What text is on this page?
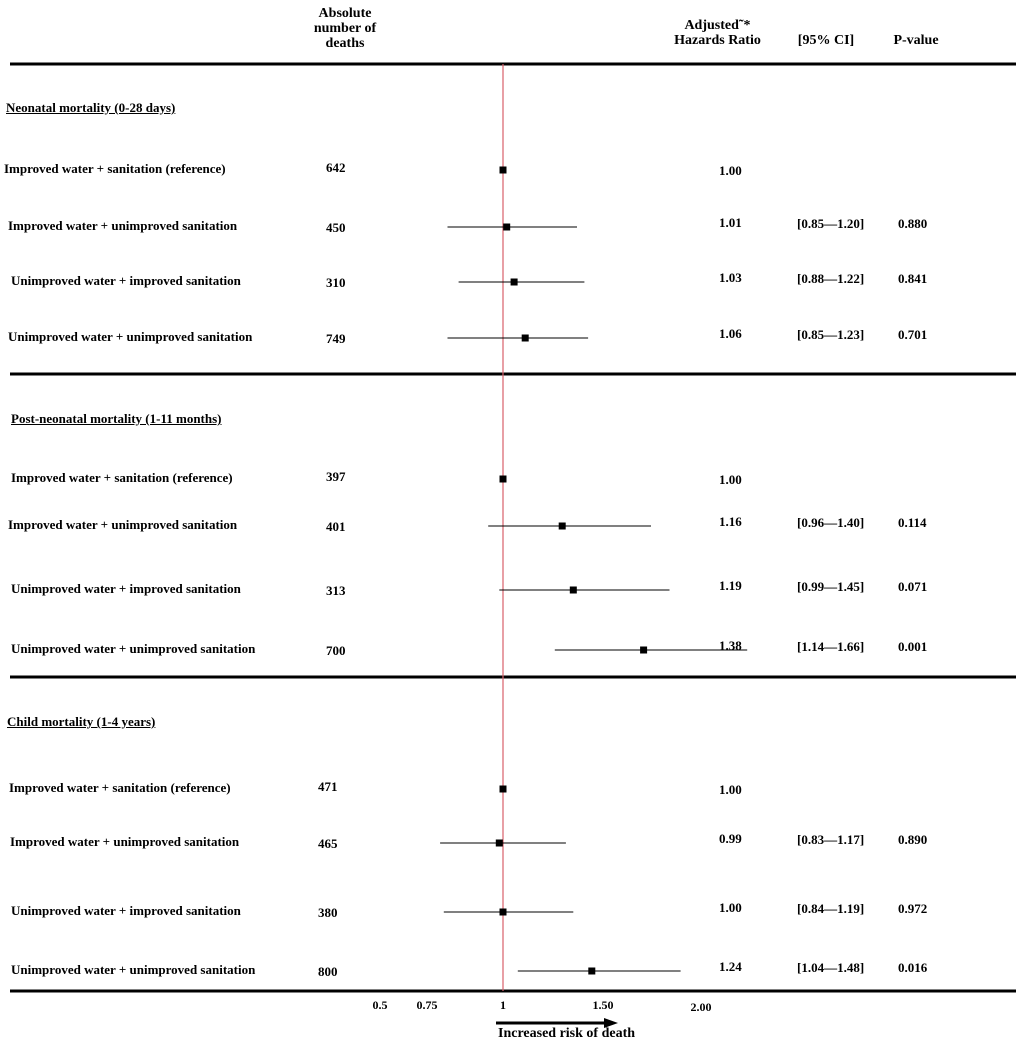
Absolute
number of
deaths
Adjusted˜*
Hazards Ratio	[95% CI]	P-value
Increased risk of death
Neonatal mortality (0-28 days)
Improved water + sanitation (reference)	642	1.00
Improved water + unimproved sanitation	450	1.01	[0.85—1.20]	0.880
Unimproved water + improved sanitation	310	1.03	[0.88—1.22]	0.841
Unimproved water + unimproved sanitation	749	1.06	[0.85—1.23]	0.701
Post-neonatal mortality (1-11 months)
Improved water + sanitation (reference)	397	1.00
Improved water + unimproved sanitation	401	1.16	[0.96—1.40]	0.114
Unimproved water + improved sanitation	313	1.19	[0.99—1.45]	0.071
Unimproved water + unimproved sanitation	700	1.38	[1.14—1.66]	0.001
Child mortality (1-4 years)
Improved water + sanitation (reference)	471	1.00
Improved water + unimproved sanitation	465	0.99	[0.83—1.17]	0.890
Unimproved water + improved sanitation	380	1.00	[0.84—1.19]	0.972
Unimproved water + unimproved sanitation	800	1.24	[1.04—1.48]	0.016
0.5 0.75	1	1.50	2.00
